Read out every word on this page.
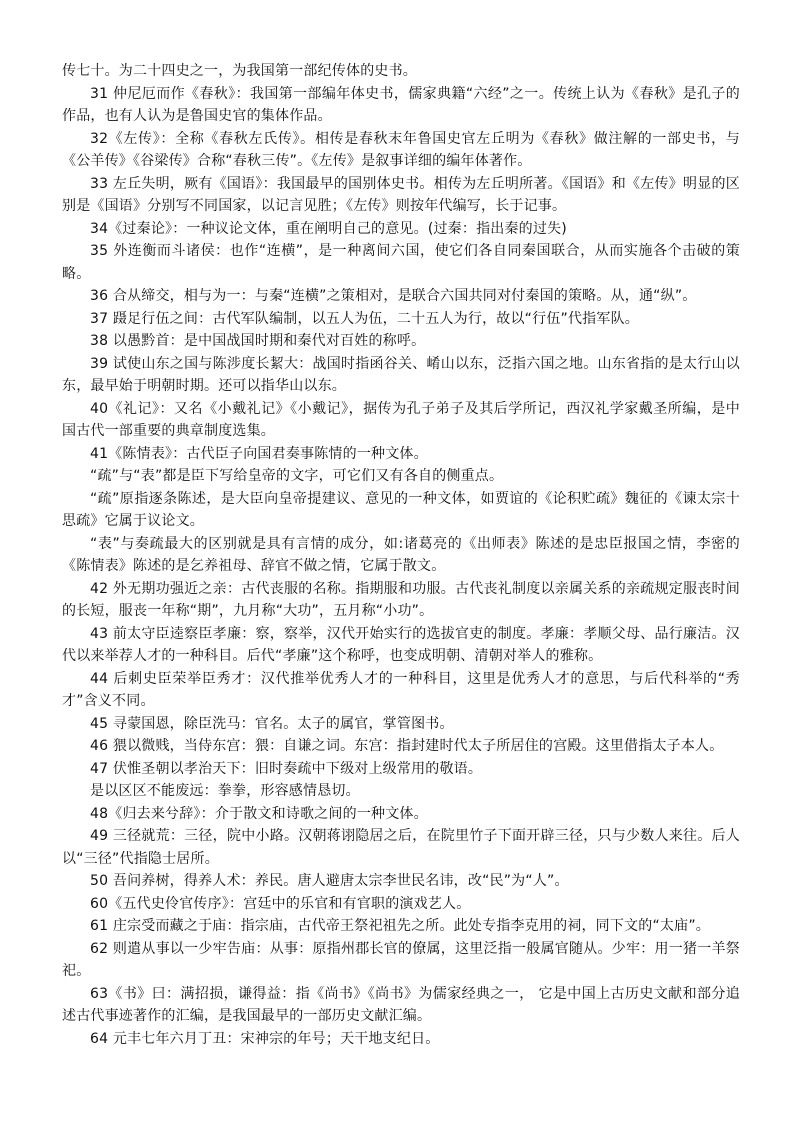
传七十。为二十四史之一，为我国第一部纪传体的史书。

31 仲尼厄而作《春秋》：我国第一部编年体史书，儒家典籍“六经”之一。传统上认为《春秋》是孔子的作品，也有人认为是鲁国史官的集体作品。

32《左传》：全称《春秋左氏传》。相传是春秋末年鲁国史官左丘明为《春秋》做注解的一部史书，与《公羊传》《谷梁传》合称“春秋三传”。《左传》是叙事详细的编年体著作。

33 左丘失明，厥有《国语》：我国最早的国别体史书。相传为左丘明所著。《国语》和《左传》明显的区别是《国语》分别写不同国家，以记言见胜；《左传》则按年代编写，长于记事。

34《过秦论》：一种议论文体，重在阐明自己的意见。(过秦：指出秦的过失)

35 外连衡而斗诸侯：也作“连横”，是一种离间六国，使它们各自同秦国联合，从而实施各个击破的策略。

36 合从缔交，相与为一：与秦“连横”之策相对，是联合六国共同对付秦国的策略。从，通“纵”。

37 蹑足行伍之间：古代军队编制，以五人为伍，二十五人为行，故以“行伍”代指军队。

38 以愚黔首：是中国战国时期和秦代对百姓的称呼。

39 试使山东之国与陈涉度长絜大：战国时指函谷关、崤山以东，泛指六国之地。山东省指的是太行山以东，最早始于明朝时期。还可以指华山以东。

40《礼记》：又名《小戴礼记》《小戴记》，据传为孔子弟子及其后学所记，西汉礼学家戴圣所编，是中国古代一部重要的典章制度选集。

41《陈情表》：古代臣子向国君奏事陈情的一种文体。

“疏”与“表”都是臣下写给皇帝的文字，可它们又有各自的侧重点。

“疏”原指逐条陈述，是大臣向皇帝提建议、意见的一种文体，如贾谊的《论积贮疏》魏征的《谏太宗十思疏》它属于议论文。

“表”与奏疏最大的区别就是具有言情的成分，如:诸葛亮的《出师表》陈述的是忠臣报国之情，李密的《陈情表》陈述的是乞养祖母、辞官不做之情，它属于散文。

42 外无期功强近之亲：古代丧服的名称。指期服和功服。古代丧礼制度以亲属关系的亲疏规定服丧时间的长短，服丧一年称“期”，九月称“大功”，五月称“小功”。

43 前太守臣逵察臣孝廉：察，察举，汉代开始实行的选拔官吏的制度。孝廉：孝顺父母、品行廉洁。汉代以来举荐人才的一种科目。后代“孝廉”这个称呼，也变成明朝、清朝对举人的雅称。

44 后刺史臣荣举臣秀才：汉代推举优秀人才的一种科目，这里是优秀人才的意思，与后代科举的“秀才”含义不同。

45 寻蒙国恩，除臣洗马：官名。太子的属官，掌管图书。

46 猥以微贱，当侍东宫：猥：自谦之词。东宫：指封建时代太子所居住的宫殿。这里借指太子本人。

47 伏惟圣朝以孝治天下：旧时奏疏中下级对上级常用的敬语。

是以区区不能废远：拳拳，形容感情恳切。

48《归去来兮辞》：介于散文和诗歌之间的一种文体。

49 三径就荒：三径，院中小路。汉朝蒋诩隐居之后，在院里竹子下面开辟三径，只与少数人来往。后人以“三径”代指隐士居所。

50 吾问养树，得养人术：养民。唐人避唐太宗李世民名讳，改“民”为“人”。

60《五代史伶官传序》：宫廷中的乐官和有官职的演戏艺人。

61 庄宗受而藏之于庙：指宗庙，古代帝王祭祀祖先之所。此处专指李克用的祠，同下文的“太庙”。

62 则遣从事以一少牢告庙：从事：原指州郡长官的僚属，这里泛指一般属官随从。少牢：用一猪一羊祭祀。

63《书》曰：满招损，谦得益：指《尚书》《尚书》为儒家经典之一， 它是中国上古历史文献和部分追述古代事迹著作的汇编，是我国最早的一部历史文献汇编。

64 元丰七年六月丁丑：宋神宗的年号；天干地支纪日。
